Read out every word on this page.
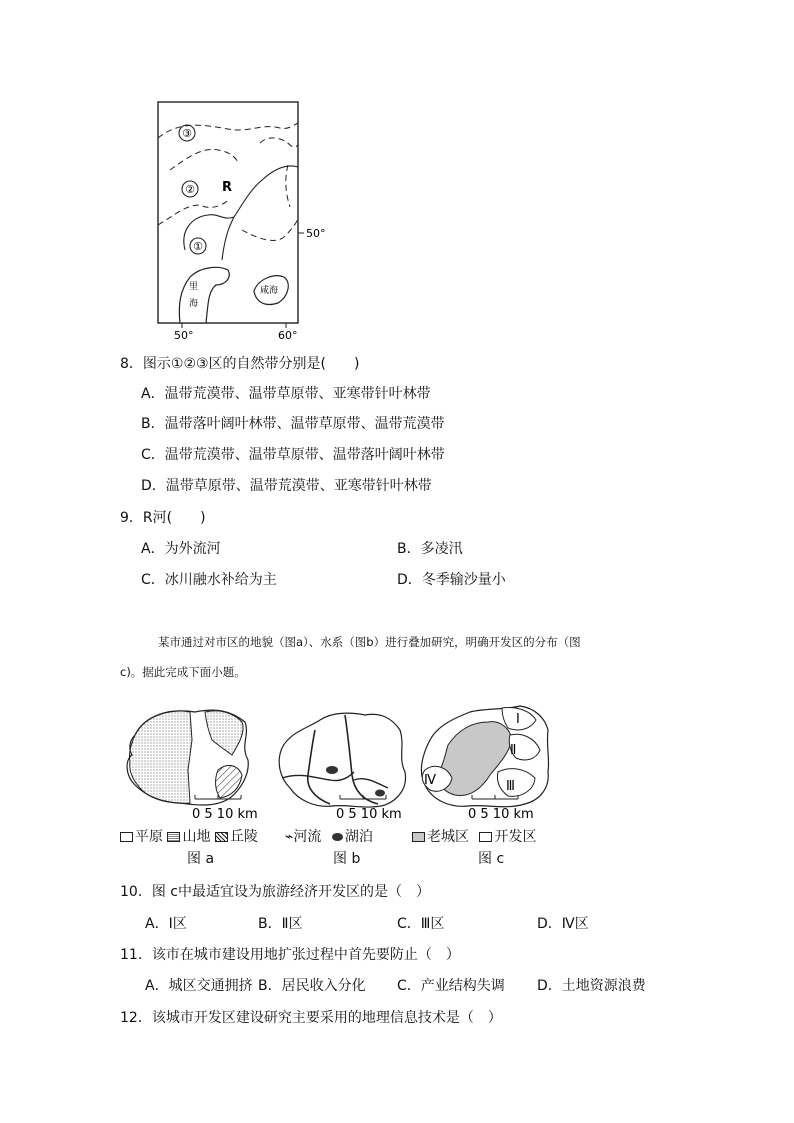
③
②
①
R
50°
50°	60°
里
海
咸海
8．图示①②③区的自然带分别是(　　)
A．温带荒漠带、温带草原带、亚寒带针叶林带
B．温带落叶阔叶林带、温带草原带、温带荒漠带
C．温带荒漠带、温带草原带、温带落叶阔叶林带
D．温带草原带、温带荒漠带、亚寒带针叶林带
9．R河(　　)
A．为外流河	B．多凌汛
C．冰川融水补给为主	D．冬季输沙量小
某市通过对市区的地貌（图a）、水系（图b）进行叠加研究，明确开发区的分布（图
c)。据此完成下面小题。
0 5 10 km	0 5 10 km
Ⅰ
Ⅱ
Ⅲ
Ⅳ
0 5 10 km
平原 山地 丘陵 ⌁河流 湖泊	老城区 开发区
图 a	图 b	图 c
10．图 c中最适宜设为旅游经济开发区的是（　）
A．Ⅰ区	B．Ⅱ区	C．Ⅲ区	D．Ⅳ区
11．该市在城市建设用地扩张过程中首先要防止（　）
A．城区交通拥挤 B．居民收入分化 C．产业结构失调 D．土地资源浪费
12．该城市开发区建设研究主要采用的地理信息技术是（　）
